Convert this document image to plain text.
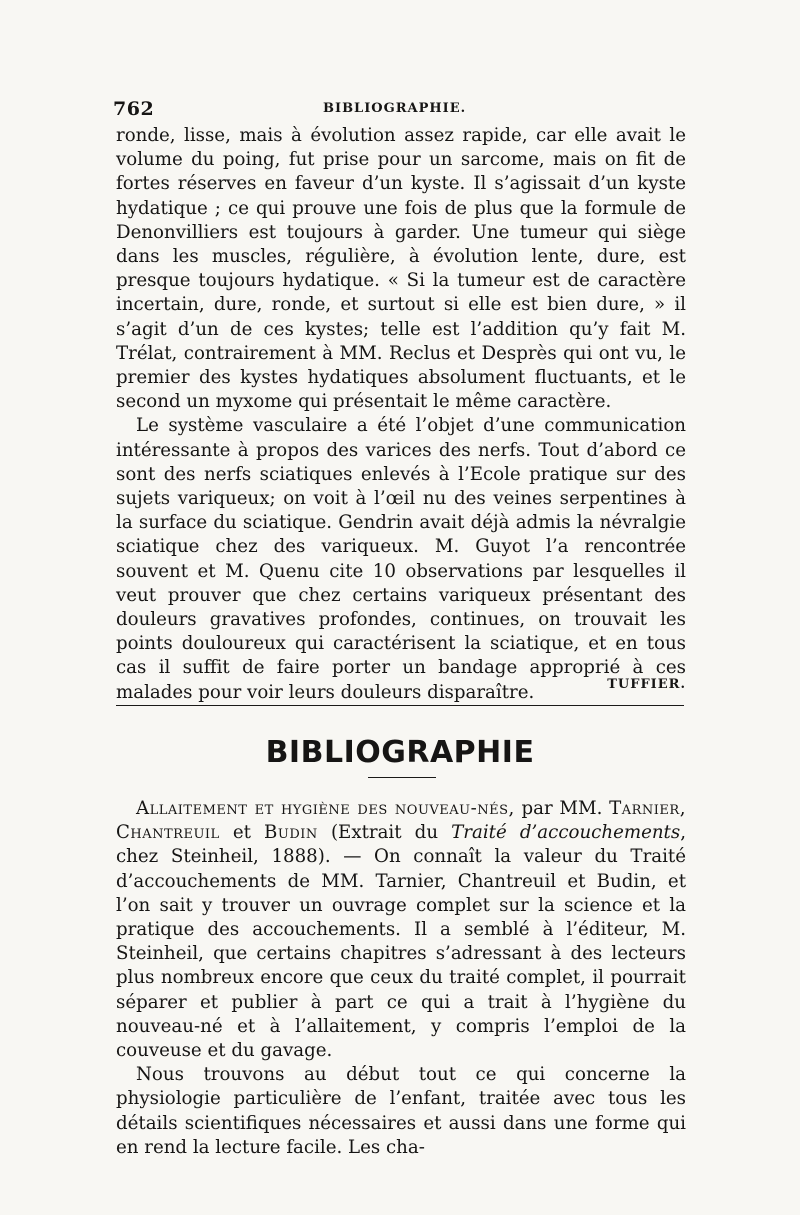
762	BIBLIOGRAPHIE.

ronde, lisse, mais à évolution assez rapide, car elle avait le volume du poing, fut prise pour un sarcome, mais on fit de fortes réserves en faveur d’un kyste. Il s’agissait d’un kyste hydatique ; ce qui prouve une fois de plus que la formule de Denonvilliers est toujours à garder. Une tumeur qui siège dans les muscles, régulière, à évolution lente, dure, est presque toujours hydatique. « Si la tumeur est de caractère incertain, dure, ronde, et surtout si elle est bien dure, » il s’agit d’un de ces kystes; telle est l’addition qu’y fait M. Trélat, contrairement à MM. Reclus et Desprès qui ont vu, le premier des kystes hydatiques absolument fluctuants, et le second un myxome qui présentait le même caractère.

Le système vasculaire a été l’objet d’une communication intéressante à propos des varices des nerfs. Tout d’abord ce sont des nerfs sciatiques enlevés à l’Ecole pratique sur des sujets variqueux; on voit à l’œil nu des veines serpentines à la surface du sciatique. Gendrin avait déjà admis la névralgie sciatique chez des variqueux. M. Guyot l’a rencontrée souvent et M. Quenu cite 10 observations par lesquelles il veut prouver que chez certains variqueux présentant des douleurs gravatives profondes, continues, on trouvait les points douloureux qui caractérisent la sciatique, et en tous cas il suffit de faire porter un bandage approprié à ces malades pour voir leurs douleurs disparaître.	TUFFIER.
BIBLIOGRAPHIE

Allaitement et hygiène des nouveau-nés, par MM. Tarnier, Chantreuil et Budin (Extrait du Traité d’accouchements, chez Steinheil, 1888). — On connaît la valeur du Traité d’accouchements de MM. Tarnier, Chantreuil et Budin, et l’on sait y trouver un ouvrage complet sur la science et la pratique des accouchements. Il a semblé à l’éditeur, M. Steinheil, que certains chapitres s’adressant à des lecteurs plus nombreux encore que ceux du traité complet, il pourrait séparer et publier à part ce qui a trait à l’hygiène du nouveau-né et à l’allaitement, y compris l’emploi de la couveuse et du gavage.

Nous trouvons au début tout ce qui concerne la physiologie particulière de l’enfant, traitée avec tous les détails scientifiques nécessaires et aussi dans une forme qui en rend la lecture facile. Les cha-
